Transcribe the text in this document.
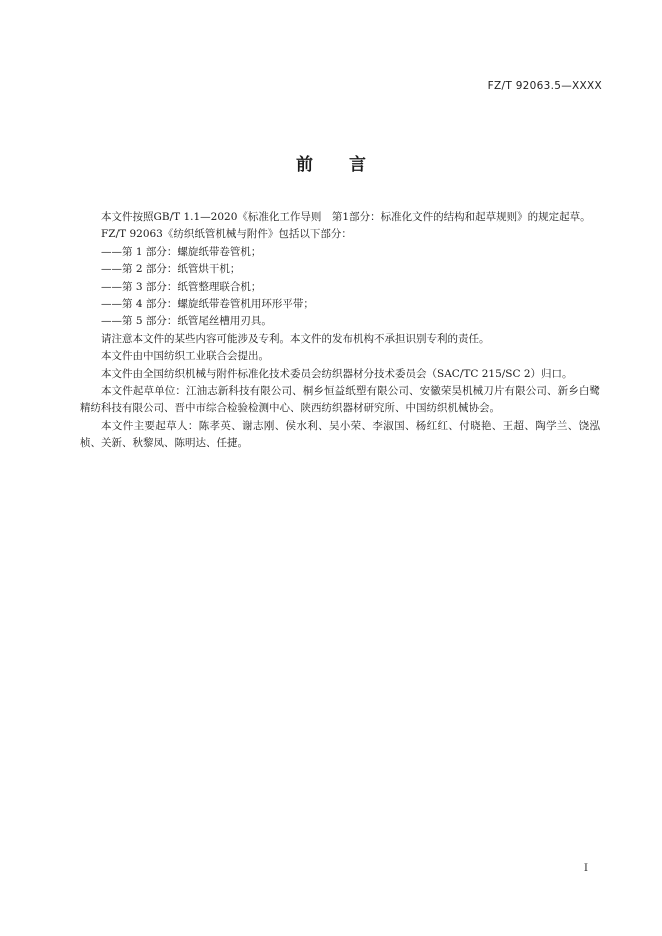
FZ/T 92063.5—XXXX
前言

本文件按照GB/T 1.1—2020《标准化工作导则　第1部分：标准化文件的结构和起草规则》的规定起草。

FZ/T 92063《纺织纸管机械与附件》包括以下部分：

——第 1 部分：螺旋纸带卷管机；
——第 2 部分：纸管烘干机；
——第 3 部分：纸管整理联合机；
——第 4 部分：螺旋纸带卷管机用环形平带；
——第 5 部分：纸管尾丝槽用刃具。

请注意本文件的某些内容可能涉及专利。本文件的发布机构不承担识别专利的责任。

本文件由中国纺织工业联合会提出。

本文件由全国纺织机械与附件标准化技术委员会纺织器材分技术委员会（SAC/TC 215/SC 2）归口。

本文件起草单位：江油志新科技有限公司、桐乡恒益纸塑有限公司、安徽荣昊机械刀片有限公司、新乡白鹭精纺科技有限公司、晋中市综合检验检测中心、陕西纺织器材研究所、中国纺织机械协会。

本文件主要起草人：陈孝英、谢志刚、侯水利、吴小荣、李淑国、杨红红、付晓艳、王超、陶学兰、饶泓桢、关新、秋黎凤、陈明达、任捷。

I
